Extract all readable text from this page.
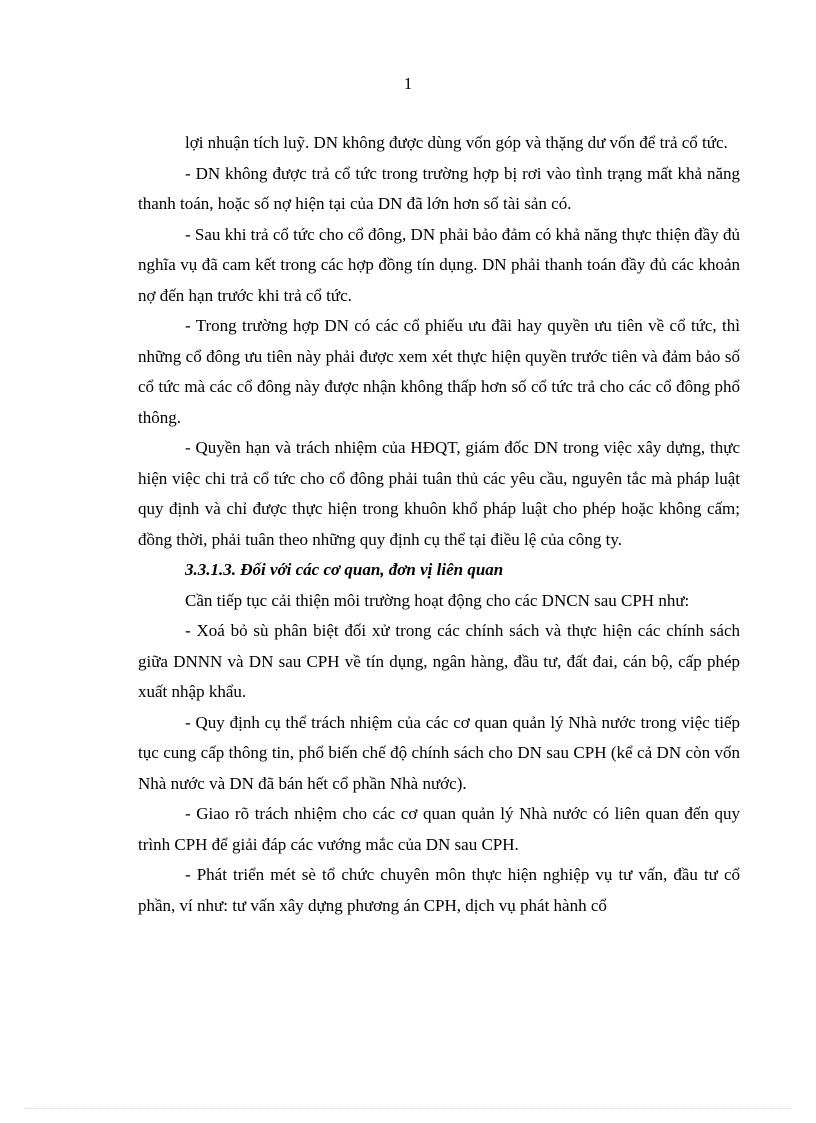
1

lợi nhuận tích luỹ. DN không được dùng vốn góp và thặng dư vốn để trả cổ tức.

- DN không được trả cổ tức trong trường hợp bị rơi vào tình trạng mất khả năng thanh toán, hoặc số nợ hiện tại của DN đã lớn hơn số tài sản có.

- Sau khi trả cổ tức cho cổ đông, DN phải bảo đảm có khả năng thực thiện đầy đủ nghĩa vụ đã cam kết trong các hợp đồng tín dụng. DN phải thanh toán đầy đủ các khoản nợ đến hạn trước khi trả cổ tức.

- Trong trường hợp DN có các cổ phiếu ưu đãi hay quyền ưu tiên về cổ tức, thì những cổ đông ưu tiên này phải được xem xét thực hiện quyền trước tiên và đảm bảo số cổ tức mà các cổ đông này được nhận không thấp hơn số cổ tức trả cho các cổ đông phổ thông.

- Quyền hạn và trách nhiệm của HĐQT, giám đốc DN trong việc xây dựng, thực hiện việc chi trả cổ tức cho cổ đông phải tuân thủ các yêu cầu, nguyên tắc mà pháp luật quy định và chỉ được thực hiện trong khuôn khổ pháp luật cho phép hoặc không cấm; đồng thời, phải tuân theo những quy định cụ thể tại điều lệ của công ty.

3.3.1.3. Đối với các cơ quan, đơn vị liên quan

Cần tiếp tục cải thiện môi trường hoạt động cho các DNCN sau CPH như:

- Xoá bỏ sù phân biệt đối xử trong các chính sách và thực hiện các chính sách giữa DNNN và DN sau CPH về tín dụng, ngân hàng, đầu tư, đất đai, cán bộ, cấp phép xuất nhập khẩu.

- Quy định cụ thể trách nhiệm của các cơ quan quản lý Nhà nước trong việc tiếp tục cung cấp thông tin, phổ biến chế độ chính sách cho DN sau CPH (kể cả DN còn vốn Nhà nước và DN đã bán hết cổ phần Nhà nước).

- Giao rõ trách nhiệm cho các cơ quan quản lý Nhà nước có liên quan đến quy trình CPH để giải đáp các vướng mắc của DN sau CPH.

- Phát triển mét sè tổ chức chuyên môn thực hiện nghiệp vụ tư vấn, đầu tư cổ phần, ví như: tư vấn xây dựng phương án CPH, dịch vụ phát hành cổ
